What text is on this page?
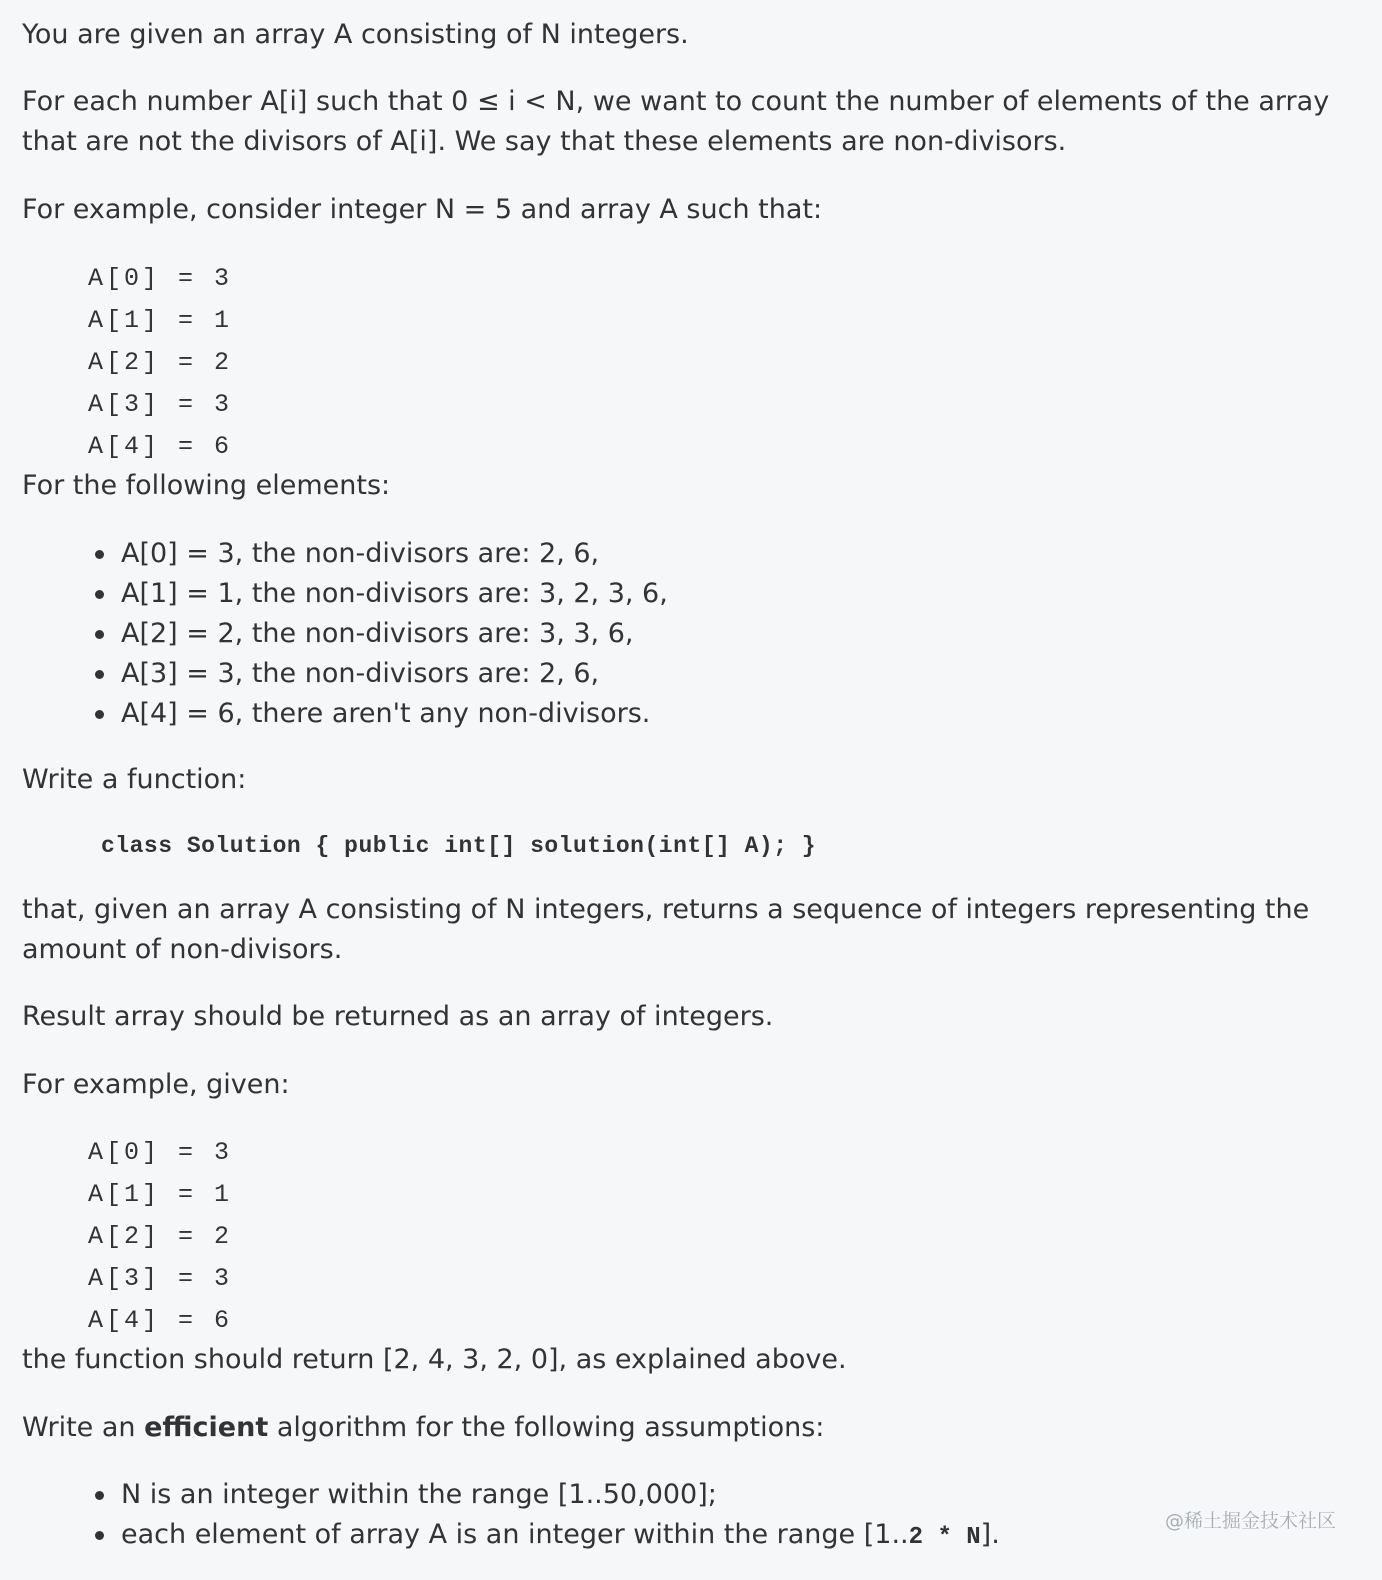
You are given an array A consisting of N integers.

For each number A[i] such that 0 ≤ i < N, we want to count the number of elements of the array that are not the divisors of A[i]. We say that these elements are non-divisors.

For example, consider integer N = 5 and array A such that:

A[0] = 3
A[1] = 1
A[2] = 2
A[3] = 3
A[4] = 6

For the following elements:

A[0] = 3, the non-divisors are: 2, 6,
A[1] = 1, the non-divisors are: 3, 2, 3, 6,
A[2] = 2, the non-divisors are: 3, 3, 6,
A[3] = 3, the non-divisors are: 2, 6,
A[4] = 6, there aren't any non-divisors.

Write a function:

class Solution { public int[] solution(int[] A); }

that, given an array A consisting of N integers, returns a sequence of integers representing the amount of non-divisors.

Result array should be returned as an array of integers.

For example, given:

A[0] = 3
A[1] = 1
A[2] = 2
A[3] = 3
A[4] = 6

the function should return [2, 4, 3, 2, 0], as explained above.

Write an efficient algorithm for the following assumptions:

N is an integer within the range [1..50,000];
each element of array A is an integer within the range [1..2 * N].	@稀土掘金技术社区
